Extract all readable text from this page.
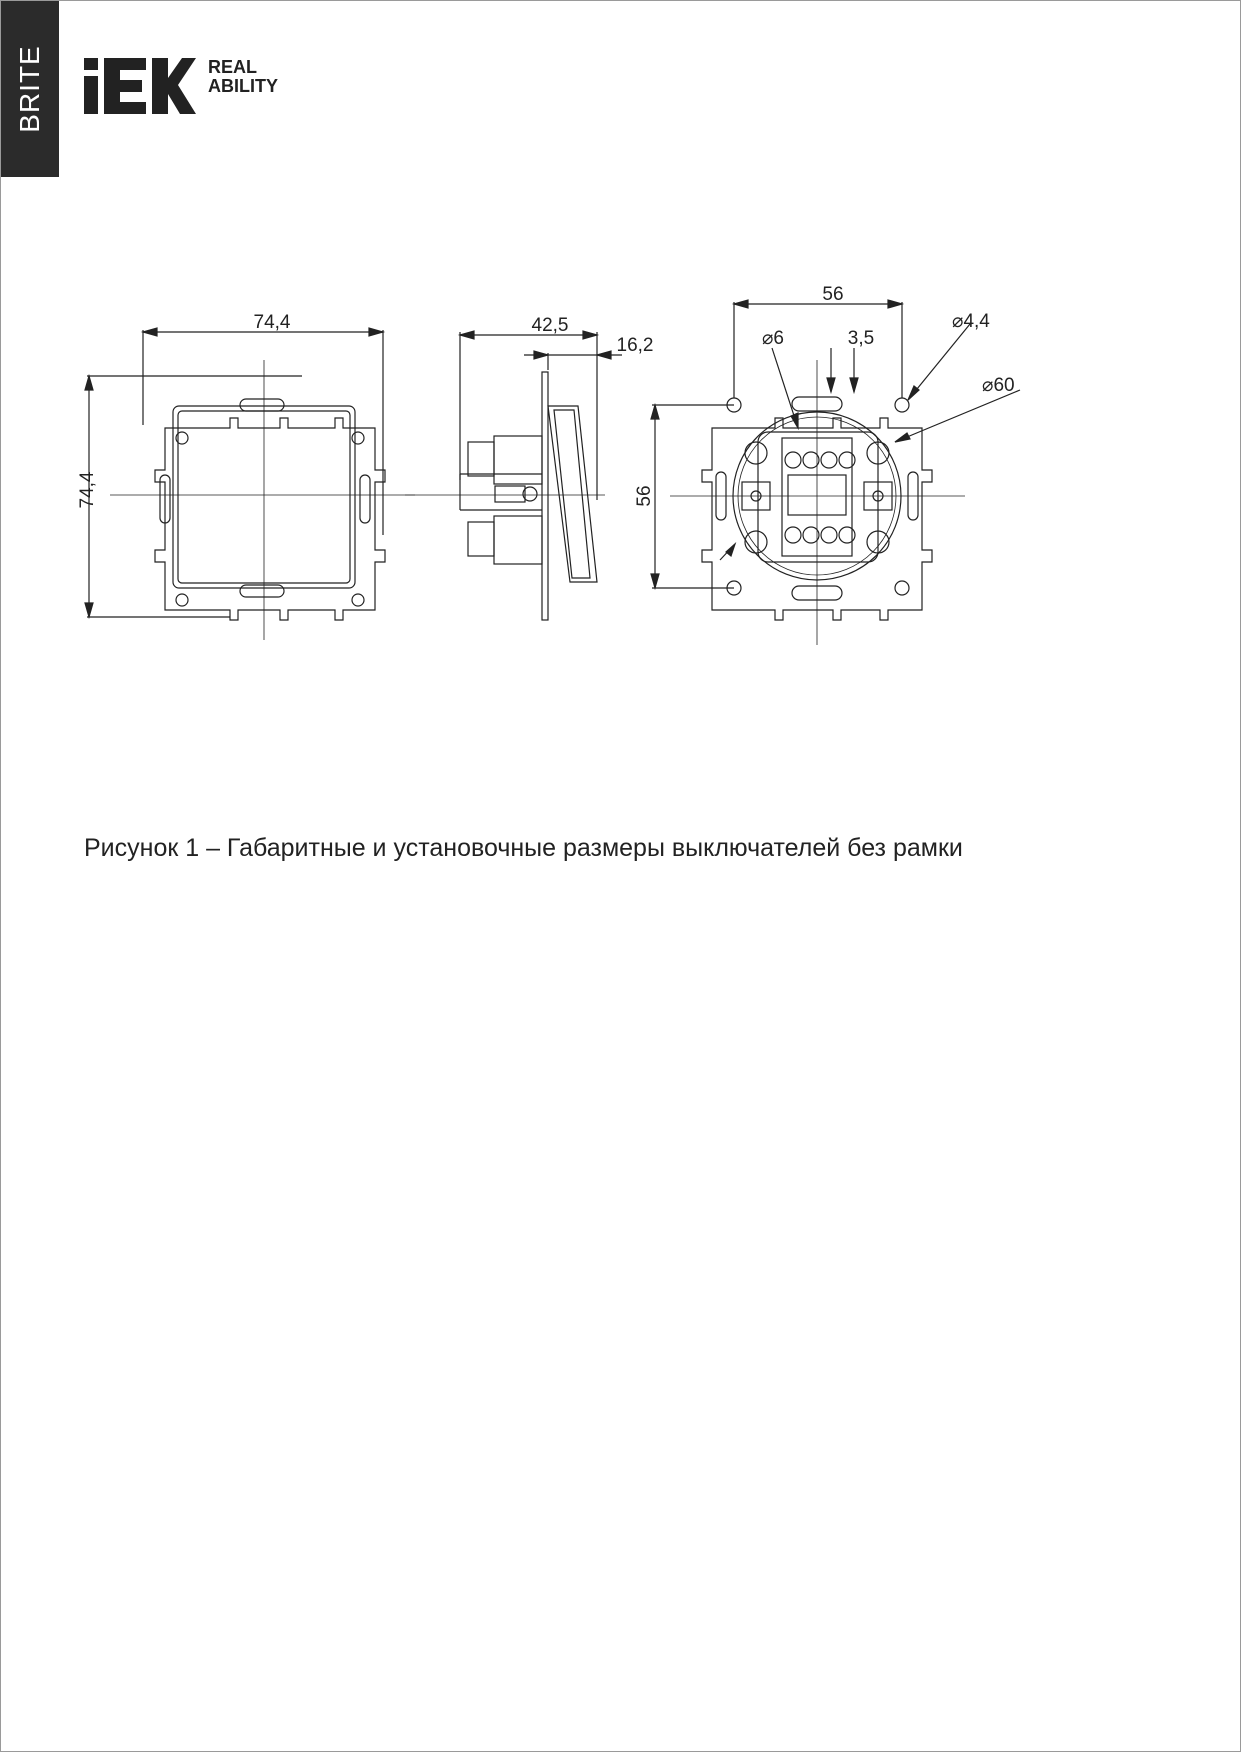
BRITE	REAL
ABILITY
74,4
74,4
42,5
16,2
56
56
⌀6	3,5
⌀4,4
⌀60
Рисунок 1 – Габаритные и установочные размеры выключателей без рамки
